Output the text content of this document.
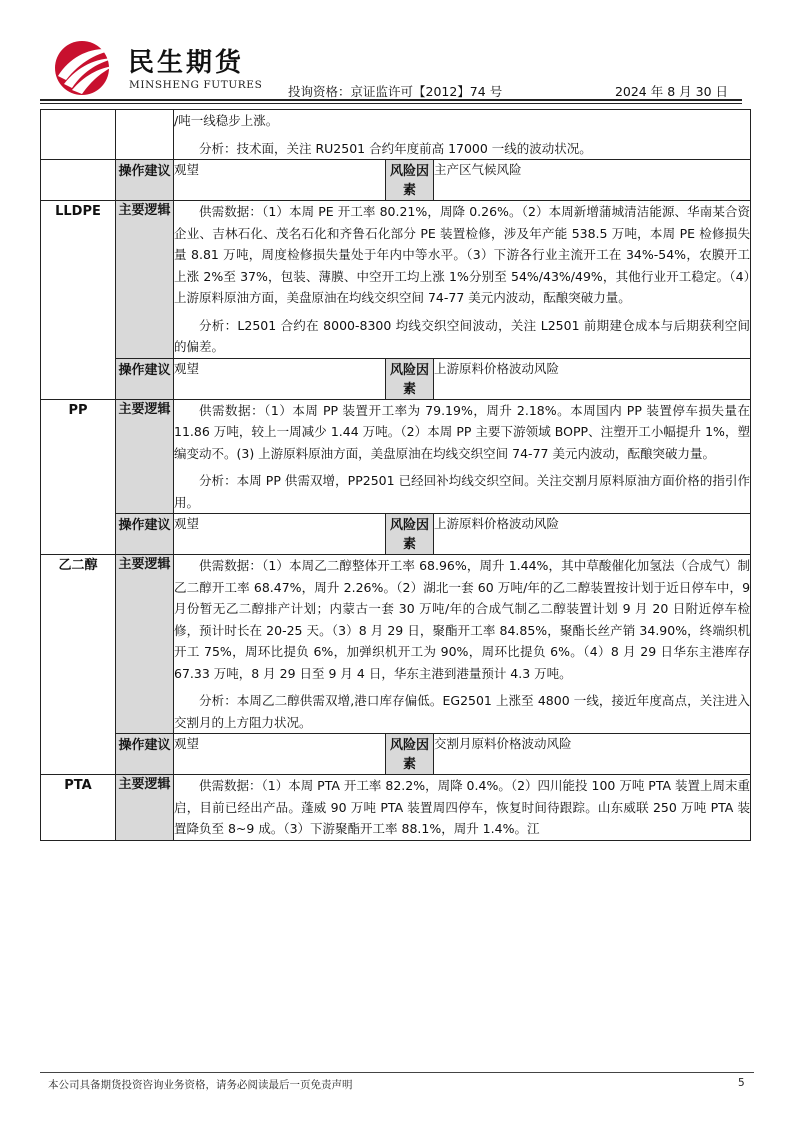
民生期货
MINSHENG FUTURES 投询资格：京证监许可【2012】74 号	2024 年 8 月 30 日

		/吨一线稳步上涨。

分析：技术面，关注 RU2501 合约年度前高 17000 一线的波动状况。		

	操作建议	观望	风险因素	主产区气候风险
LLDPE	主要逻辑	供需数据：（1）本周 PE 开工率 80.21%，周降 0.26%。（2）本周新增蒲城清洁能源、华南某合资企业、吉林石化、茂名石化和齐鲁石化部分 PE 装置检修，涉及年产能 538.5 万吨，本周 PE 检修损失量 8.81 万吨，周度检修损失量处于年内中等水平。（3）下游各行业主流开工在 34%-54%，农膜开工上涨 2%至 37%，包装、薄膜、中空开工均上涨 1%分别至 54%/43%/49%，其他行业开工稳定。（4）上游原料原油方面，美盘原油在均线交织空间 74-77 美元内波动，酝酿突破力量。

分析：L2501 合约在 8000-8300 均线交织空间波动，关注 L2501 前期建仓成本与后期获利空间的偏差。		

	操作建议	观望	风险因素	上游原料价格波动风险
PP	主要逻辑	供需数据：（1）本周 PP 装置开工率为 79.19%，周升 2.18%。本周国内 PP 装置停车损失量在 11.86 万吨，较上一周减少 1.44 万吨。（2）本周 PP 主要下游领域 BOPP、注塑开工小幅提升 1%，塑编变动不。(3) 上游原料原油方面，美盘原油在均线交织空间 74-77 美元内波动，酝酿突破力量。

分析：本周 PP 供需双增，PP2501 已经回补均线交织空间。关注交割月原料原油方面价格的指引作用。		

	操作建议	观望	风险因素	上游原料价格波动风险
乙二醇	主要逻辑	供需数据：（1）本周乙二醇整体开工率 68.96%，周升 1.44%，其中草酸催化加氢法（合成气）制乙二醇开工率 68.47%，周升 2.26%。（2）湖北一套 60 万吨/年的乙二醇装置按计划于近日停车中，9 月份暂无乙二醇排产计划；内蒙古一套 30 万吨/年的合成气制乙二醇装置计划 9 月 20 日附近停车检修，预计时长在 20-25 天。（3）8 月 29 日，聚酯开工率 84.85%，聚酯长丝产销 34.90%，终端织机开工 75%，周环比提负 6%，加弹织机开工为 90%，周环比提负 6%。（4）8 月 29 日华东主港库存 67.33 万吨，8 月 29 日至 9 月 4 日，华东主港到港量预计 4.3 万吨。

分析：本周乙二醇供需双增,港口库存偏低。EG2501 上涨至 4800 一线，接近年度高点，关注进入交割月的上方阻力状况。		

	操作建议	观望	风险因素	交割月原料价格波动风险
PTA	主要逻辑	供需数据：（1）本周 PTA 开工率 82.2%，周降 0.4%。（2）四川能投 100 万吨 PTA 装置上周末重启，目前已经出产品。蓬威 90 万吨 PTA 装置周四停车，恢复时间待跟踪。山东威联 250 万吨 PTA 装置降负至 8~9 成。（3）下游聚酯开工率 88.1%，周升 1.4%。江		

本公司具备期货投资咨询业务资格，请务必阅读最后一页免责声明	5
